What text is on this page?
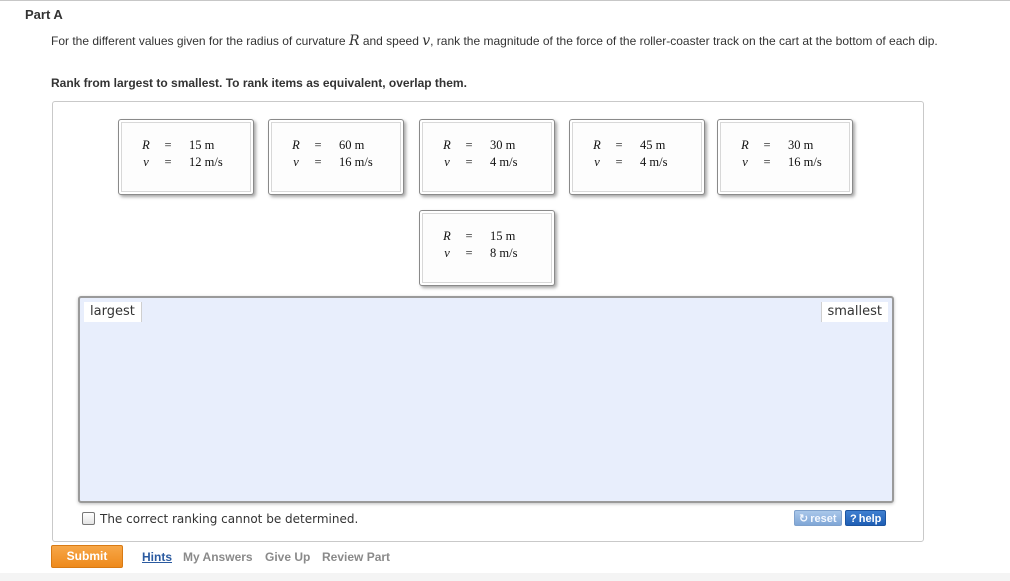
Part A
For the different values given for the radius of curvature R and speed v, rank the magnitude of the force of the roller-coaster track on the cart at the bottom of each dip.
Rank from largest to smallest. To rank items as equivalent, overlap them.
R = 15 m
v	= 12 m/s
R = 60 m
v	= 16 m/s
R = 30 m
v	= 4 m/s
R = 45 m
v	= 4 m/s
R = 30 m
v	= 16 m/s
R = 15 m
v	= 8 m/s
largest	smallest
The correct ranking cannot be determined.	↻ reset	? help
Submit	Hints My Answers Give Up Review Part
